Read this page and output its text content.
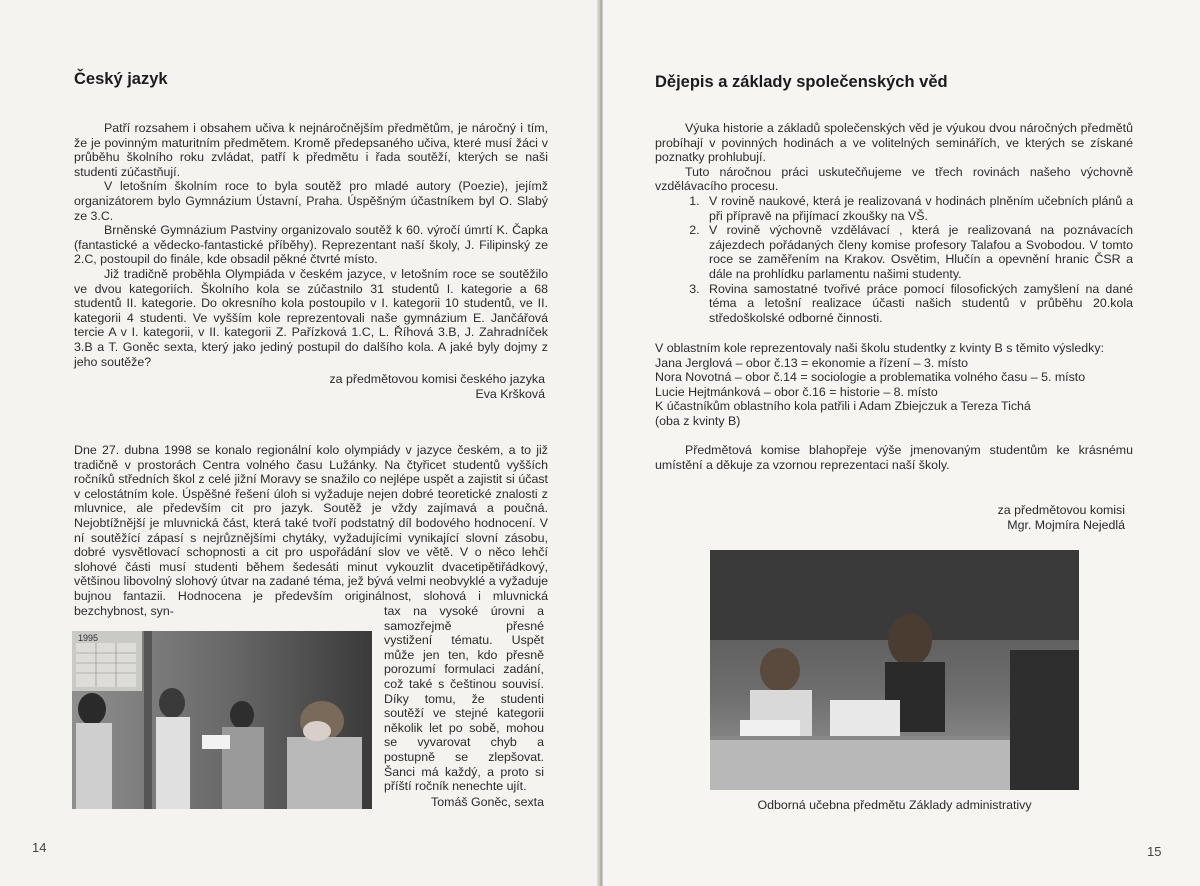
Český jazyk

Patří rozsahem i obsahem učiva k nejnáročnějším předmětům, je náročný i tím, že je povinným maturitním předmětem. Kromě předepsaného učiva, které musí žáci v průběhu školního roku zvládat, patří k předmětu i řada soutěží, kterých se naši studenti zúčastňují.

V letošním školním roce to byla soutěž pro mladé autory (Poezie), jejímž organizátorem bylo Gymnázium Ústavní, Praha. Úspěšným účastníkem byl O. Slabý ze 3.C.

Brněnské Gymnázium Pastviny organizovalo soutěž k 60. výročí úmrtí K. Čapka (fantastické a vědecko-fantastické příběhy). Reprezentant naší školy, J. Filipinský ze 2.C, postoupil do finále, kde obsadil pěkné čtvrté místo.

Již tradičně proběhla Olympiáda v českém jazyce, v letošním roce se soutěžilo ve dvou kategoriích. Školního kola se zúčastnilo 31 studentů I. kategorie a 68 studentů II. kategorie. Do okresního kola postoupilo v I. kategorii 10 studentů, ve II. kategorii 4 studenti. Ve vyšším kole reprezentovali naše gymnázium E. Jančářová tercie A v I. kategorii, v II. kategorii Z. Pařízková 1.C, L. Říhová 3.B, J. Zahradníček 3.B a T. Goněc sexta, který jako jediný postupil do dalšího kola. A jaké byly dojmy z jeho soutěže?

za předmětovou komisi českého jazyka
Eva Kršková

Dne 27. dubna 1998 se konalo regionální kolo olympiády v jazyce českém, a to již tradičně v prostorách Centra volného času Lužánky. Na čtyřicet studentů vyšších ročníků středních škol z celé jižní Moravy se snažilo co nejlépe uspět a zajistit si účast v celostátním kole. Úspěšné řešení úloh si vyžaduje nejen dobré teoretické znalosti z mluvnice, ale především cit pro jazyk. Soutěž je vždy zajímavá a poučná. Nejobtížnější je mluvnická část, která také tvoří podstatný díl bodového hodnocení. V ní soutěžící zápasí s nejrůznějšími chytáky, vyžadujícími vynikající slovní zásobu, dobré vysvětlovací schopnosti a cit pro uspořádání slov ve větě. V o něco lehčí slohové části musí studenti během šedesáti minut vykouzlit dvacetipětiřádkový, většinou libovolný slohový útvar na zadané téma, jež bývá velmi neobvyklé a vyžaduje bujnou fantazii. Hodnocena je především originálnost, slohová i mluvnická bezchybnost, syn-

1995

tax na vysoké úrovni a samozřejmě přesné vystižení tématu. Uspět může jen ten, kdo přesně porozumí formulaci zadání, což také s češtinou souvisí. Díky tomu, že studenti soutěží ve stejné kategorii několik let po sobě, mohou se vyvarovat chyb a postupně se zlepšovat. Šanci má každý, a proto si příští ročník nenechte ujít.

Tomáš Goněc, sexta
14
Dějepis a základy společenských věd

Výuka historie a základů společenských věd je výukou dvou náročných předmětů probíhají v povinných hodinách a ve volitelných seminářích, ve kterých se získané poznatky prohlubují.

Tuto náročnou práci uskutečňujeme ve třech rovinách našeho výchovně vzdělávacího procesu.

1. V rovině naukové, která je realizovaná v hodinách plněním učebních plánů a při přípravě na přijímací zkoušky na VŠ.
2. V rovině výchovně vzdělávací , která je realizovaná na poznávacích zájezdech pořádaných členy komise profesory Talafou a Svobodou. V tomto roce se zaměřením na Krakov. Osvětim, Hlučín a opevnění hranic ČSR a dále na prohlídku parlamentu našimi studenty.
3. Rovina samostatné tvořivé práce pomocí filosofických zamyšlení na dané téma a letošní realizace účasti našich studentů v průběhu 20.kola středoškolské odborné činnosti.
V oblastním kole reprezentovaly naši školu studentky z kvinty B s těmito výsledky:
Jana Jerglová – obor č.13 = ekonomie a řízení – 3. místo
Nora Novotná – obor č.14 = sociologie a problematika volného času – 5. místo
Lucie Hejtmánková – obor č.16 = historie – 8. místo
K účastníkům oblastního kola patřili i Adam Zbiejczuk a Tereza Tichá
(oba z kvinty B)

Předmětová komise blahopřeje výše jmenovaným studentům ke krásnému umístění a děkuje za vzornou reprezentaci naší školy.

za předmětovou komisi
Mgr. Mojmíra Nejedlá
Odborná učebna předmětu Základy administrativy
15
